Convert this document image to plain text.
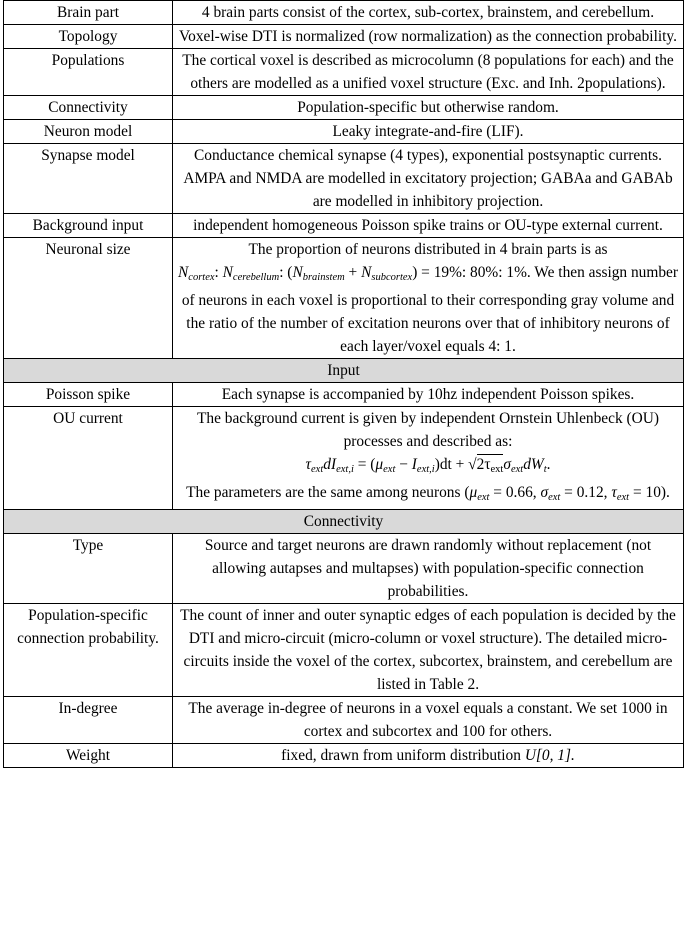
Brain part	4 brain parts consist of the cortex, sub-cortex, brainstem, and cerebellum.
Topology	Voxel-wise DTI is normalized (row normalization) as the connection probability.
Populations	The cortical voxel is described as microcolumn (8 populations for each) and the others are modelled as a unified voxel structure (Exc. and Inh. 2populations).
Connectivity	Population-specific but otherwise random.
Neuron model	Leaky integrate-and-fire (LIF).
Synapse model	Conductance chemical synapse (4 types), exponential postsynaptic currents. AMPA and NMDA are modelled in excitatory projection; GABAa and GABAb are modelled in inhibitory projection.
Background input	independent homogeneous Poisson spike trains or OU-type external current.
Neuronal size	The proportion of neurons distributed in 4 brain parts is as
$N_{cortex}$: $N_{cerebellum}$: $(N_{brainstem} + N_{subcortex}) = 19\%$: 80%: 1%. We then assign number of neurons in each voxel is proportional to their corresponding gray volume and the ratio of the number of excitation neurons over that of inhibitory neurons of each layer/voxel equals 4: 1.
Input	
Poisson spike	Each synapse is accompanied by 10hz independent Poisson spikes.
OU current	The background current is given by independent Ornstein Uhlenbeck (OU) processes and described as:
$\tau_{ext}dI_{ext,i} = (\mu_{ext} - I_{ext,i})dt + √2\tau_{ext}\sigma_{ext}dW_t$.
The parameters are the same among neurons ($\mu_{ext} = 0.66$, $\sigma_{ext} = 0.12$, $\tau_{ext} = 10$).
Connectivity	
Type	Source and target neurons are drawn randomly without replacement (not allowing autapses and multapses) with population-specific connection probabilities.
Population-specific connection probability.	The count of inner and outer synaptic edges of each population is decided by the DTI and micro-circuit (micro-column or voxel structure). The detailed micro-circuits inside the voxel of the cortex, subcortex, brainstem, and cerebellum are listed in Table 2.
In-degree	The average in-degree of neurons in a voxel equals a constant. We set 1000 in cortex and subcortex and 100 for others.
Weight	fixed, drawn from uniform distribution U[0, 1].
